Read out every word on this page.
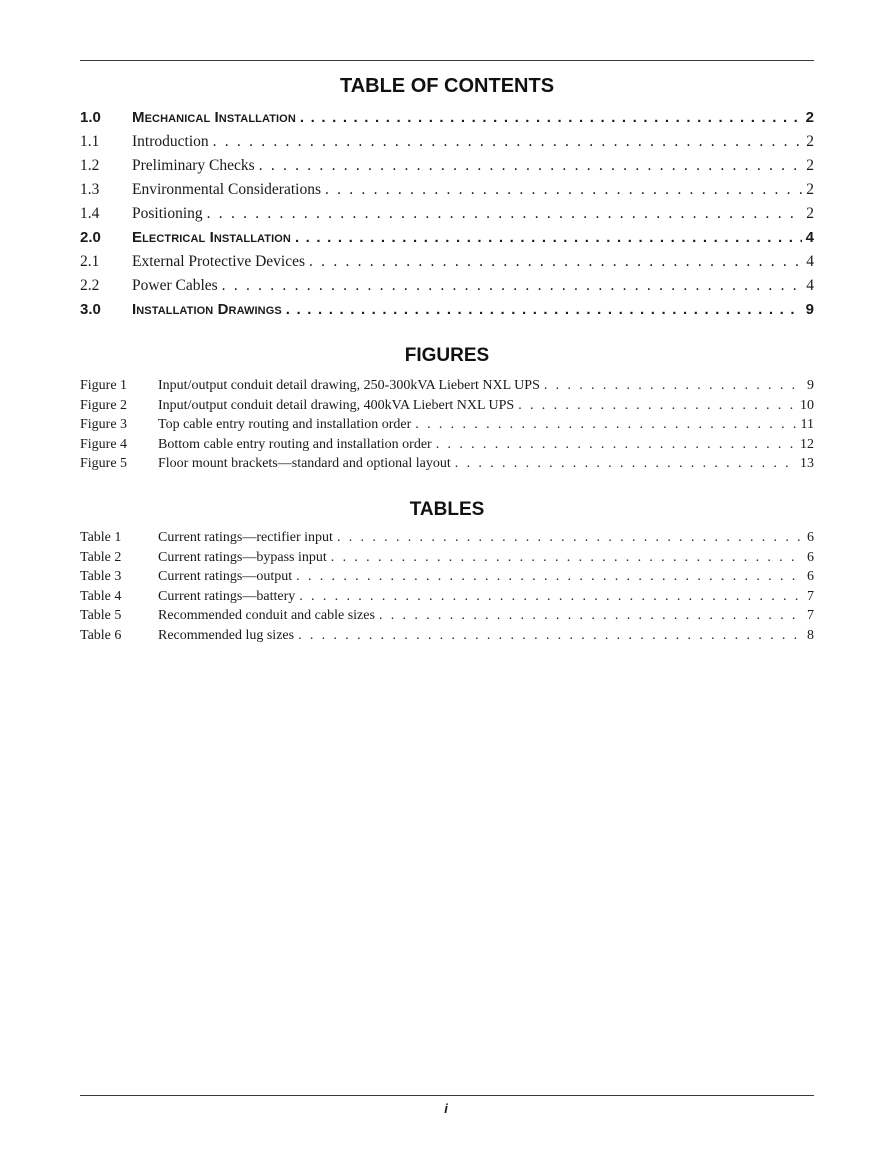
TABLE OF CONTENTS
1.0	Mechanical Installation . . .	2
1.1	Introduction . . .	2
1.2	Preliminary Checks . . .	2
1.3	Environmental Considerations . . .	2
1.4	Positioning . . .	2
2.0	Electrical Installation . . .	4
2.1	External Protective Devices . . .	4
2.2	Power Cables . . .	4
3.0	Installation Drawings . . .	9
FIGURES
Figure 1	Input/output conduit detail drawing, 250-300kVA Liebert NXL UPS . . .	9
Figure 2	Input/output conduit detail drawing, 400kVA Liebert NXL UPS . . .	10
Figure 3	Top cable entry routing and installation order . . .	11
Figure 4	Bottom cable entry routing and installation order . . .	12
Figure 5	Floor mount brackets—standard and optional layout . . .	13
TABLES
Table 1	Current ratings—rectifier input . . .	6
Table 2	Current ratings—bypass input . . .	6
Table 3	Current ratings—output . . .	6
Table 4	Current ratings—battery . . .	7
Table 5	Recommended conduit and cable sizes . . .	7
Table 6	Recommended lug sizes . . .	8
i
